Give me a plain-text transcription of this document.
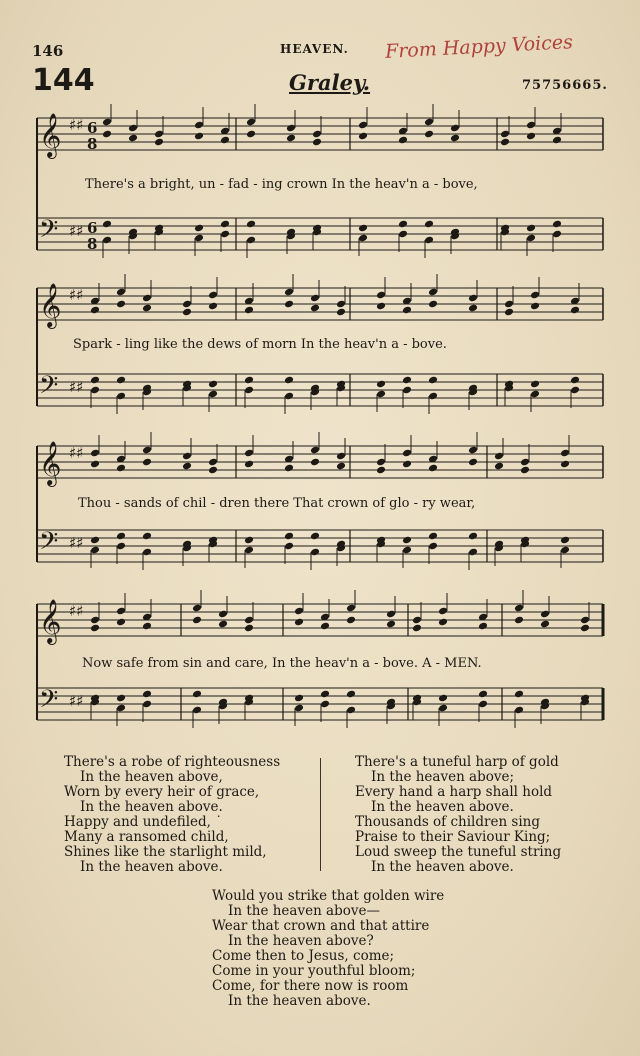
146	HEAVEN. From Happy Voices
144	Graley.	75756665.
𝄞 ♯♯ 6
8
𝄢 ♯♯ 6
8
𝄞 ♯♯
𝄢 ♯♯
𝄞 ♯♯
𝄢 ♯♯
𝄞 ♯♯
𝄢 ♯♯
There's a bright, un - fad - ing crown In the heav'n a - bove,
Spark - ling like the dews of morn In the heav'n a - bove.
Thou - sands of chil - dren there That crown of glo - ry wear,
Now safe from sin and care, In the heav'n a - bove. A - MEN.
There's a robe of righteousness
In the heaven above,
Worn by every heir of grace,
In the heaven above.
Happy and undefiled, ˙
Many a ransomed child,
Shines like the starlight mild,
In the heaven above.
There's a tuneful harp of gold
In the heaven above;
Every hand a harp shall hold
In the heaven above.
Thousands of children sing
Praise to their Saviour King;
Loud sweep the tuneful string
In the heaven above.
Would you strike that golden wire
In the heaven above—
Wear that crown and that attire
In the heaven above?
Come then to Jesus, come;
Come in your youthful bloom;
Come, for there now is room
In the heaven above.
